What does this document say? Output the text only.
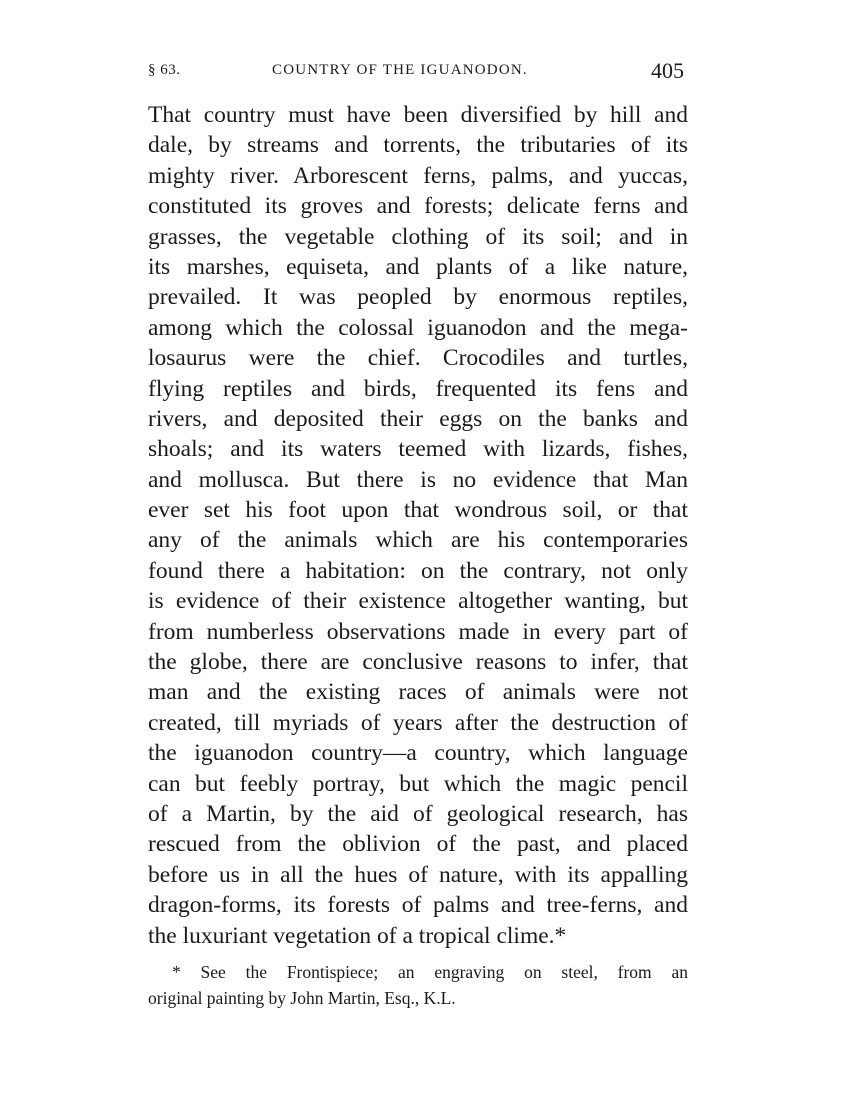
§ 63.	COUNTRY OF THE IGUANODON.	405
That country must have been diversified by hill and
dale, by streams and torrents, the tributaries of its
mighty river. Arborescent ferns, palms, and yuccas,
constituted its groves and forests; delicate ferns and
grasses, the vegetable clothing of its soil; and in
its marshes, equiseta, and plants of a like nature,
prevailed. It was peopled by enormous reptiles,
among which the colossal iguanodon and the mega-
losaurus were the chief. Crocodiles and turtles,
flying reptiles and birds, frequented its fens and
rivers, and deposited their eggs on the banks and
shoals; and its waters teemed with lizards, fishes,
and mollusca. But there is no evidence that Man
ever set his foot upon that wondrous soil, or that
any of the animals which are his contemporaries
found there a habitation: on the contrary, not only
is evidence of their existence altogether wanting, but
from numberless observations made in every part of
the globe, there are conclusive reasons to infer, that
man and the existing races of animals were not
created, till myriads of years after the destruction of
the iguanodon country—a country, which language
can but feebly portray, but which the magic pencil
of a Martin, by the aid of geological research, has
rescued from the oblivion of the past, and placed
before us in all the hues of nature, with its appalling
dragon-forms, its forests of palms and tree-ferns, and
the luxuriant vegetation of a tropical clime.*
* See the Frontispiece; an engraving on steel, from an
original painting by John Martin, Esq., K.L.
